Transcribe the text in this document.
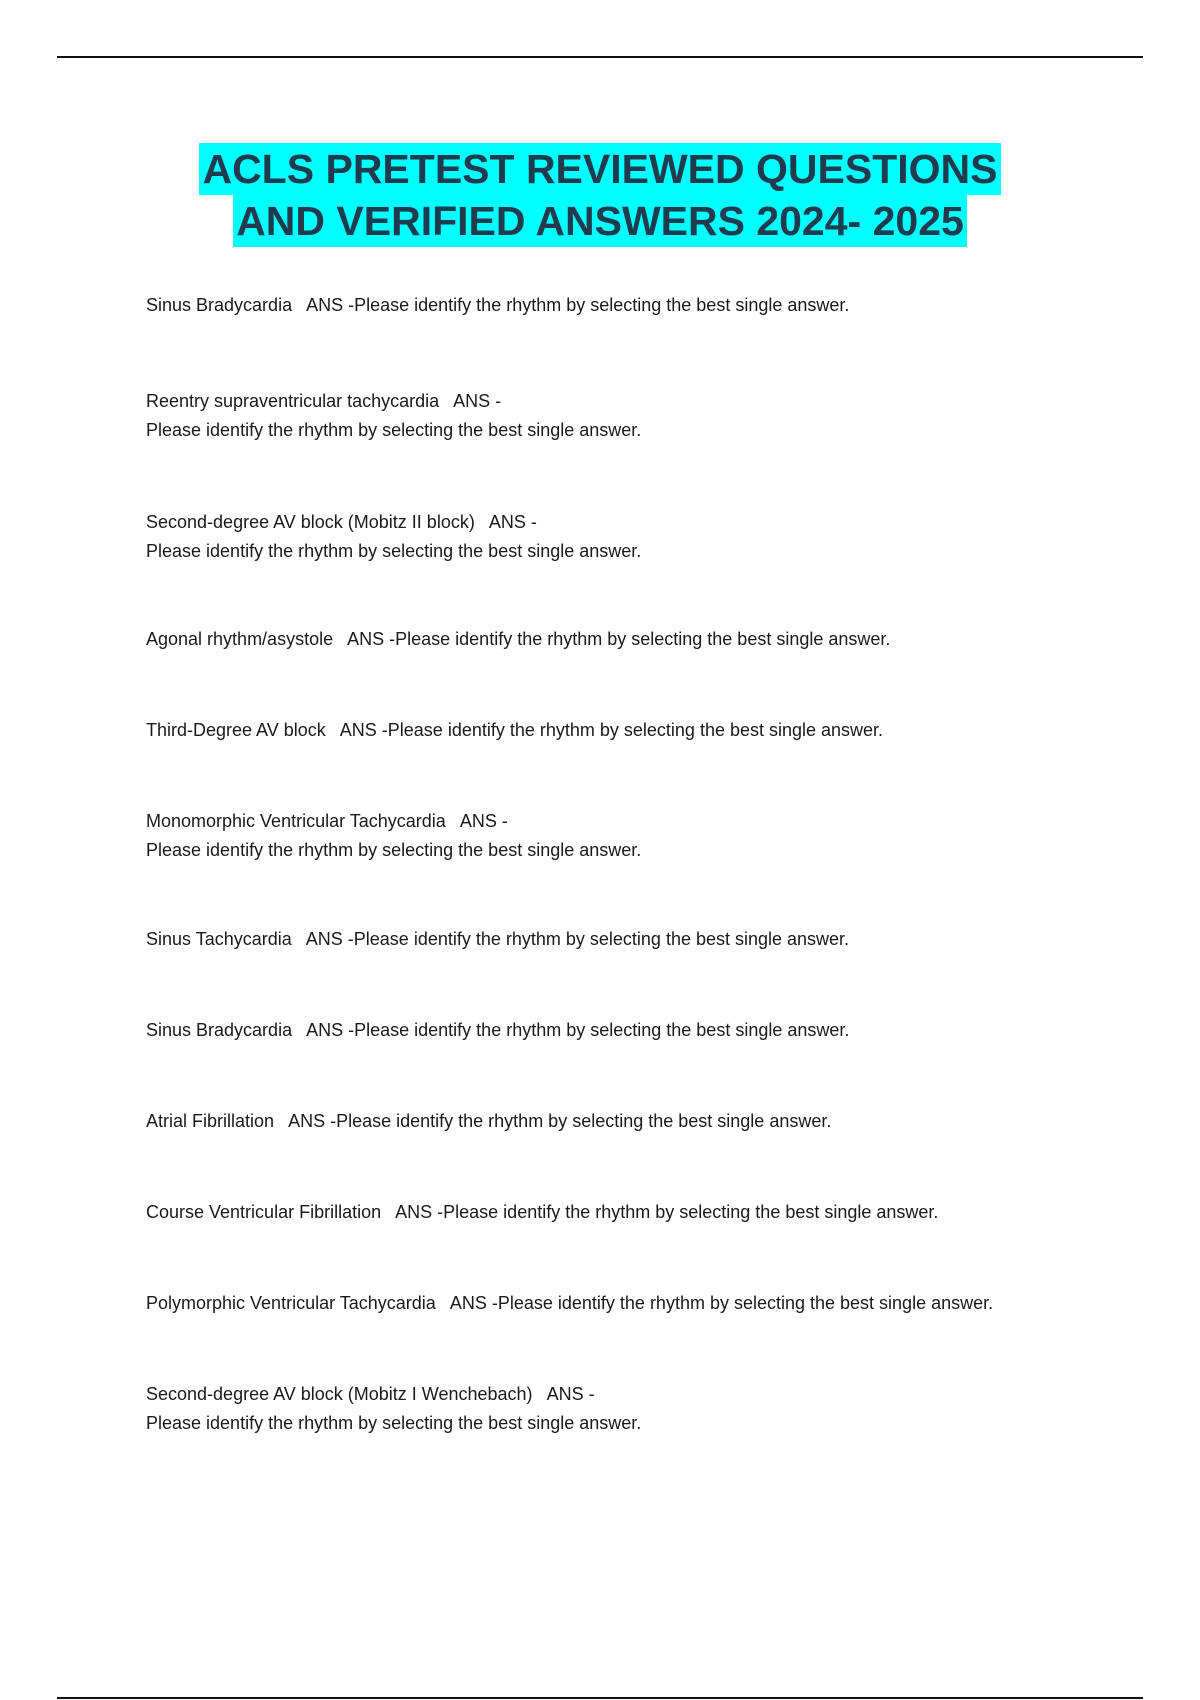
ACLS PRETEST REVIEWED QUESTIONS
AND VERIFIED ANSWERS 2024- 2025
Sinus Bradycardia ANS -Please identify the rhythm by selecting the best single answer.
Reentry supraventricular tachycardia ANS -
Please identify the rhythm by selecting the best single answer.
Second-degree AV block (Mobitz II block) ANS -
Please identify the rhythm by selecting the best single answer.
Agonal rhythm/asystole ANS -Please identify the rhythm by selecting the best single answer.
Third-Degree AV block ANS -Please identify the rhythm by selecting the best single answer.
Monomorphic Ventricular Tachycardia ANS -
Please identify the rhythm by selecting the best single answer.
Sinus Tachycardia ANS -Please identify the rhythm by selecting the best single answer.
Sinus Bradycardia ANS -Please identify the rhythm by selecting the best single answer.
Atrial Fibrillation ANS -Please identify the rhythm by selecting the best single answer.
Course Ventricular Fibrillation ANS -Please identify the rhythm by selecting the best single answer.
Polymorphic Ventricular Tachycardia ANS -Please identify the rhythm by selecting the best single answer.
Second-degree AV block (Mobitz I Wenchebach) ANS -
Please identify the rhythm by selecting the best single answer.
